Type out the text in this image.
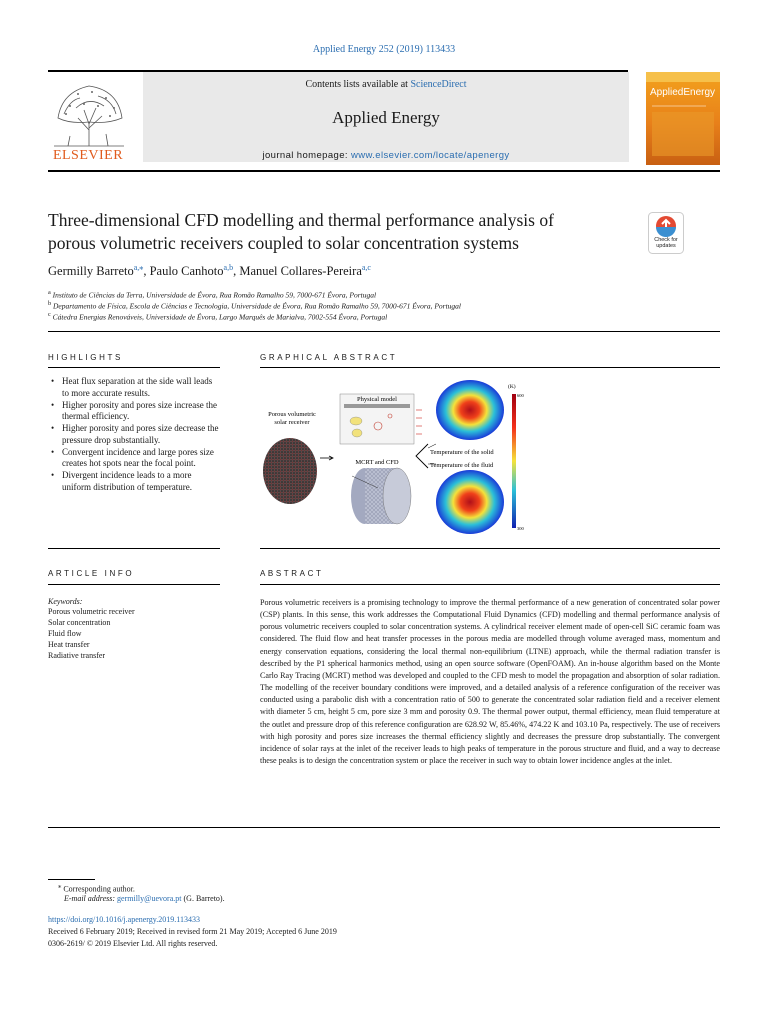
Applied Energy 252 (2019) 113433
ELSEVIER
Contents lists available at ScienceDirect
Applied Energy
journal homepage: www.elsevier.com/locate/apenergy
AppliedEnergy
Three-dimensional CFD modelling and thermal performance analysis of
porous volumetric receivers coupled to solar concentration systems	Check for updates
Germilly Barreto$^{a,⁎}$, Paulo Canhoto$^{a,b}$, Manuel Collares-Pereira$^{a,c}$
$^a$ Instituto de Ciências da Terra, Universidade de Évora, Rua Romão Ramalho 59, 7000-671 Évora, Portugal
$^b$ Departamento de Física, Escola de Ciências e Tecnologia, Universidade de Évora, Rua Romão Ramalho 59, 7000-671 Évora, Portugal
$^c$ Cátedra Energias Renováveis, Universidade de Évora, Largo Marquês de Marialva, 7002-554 Évora, Portugal
HIGHLIGHTS	GRAPHICAL ABSTRACT
• Heat flux separation at the side wall leads to more accurate results.
• Higher porosity and pores size increase the thermal efficiency.
• Higher porosity and pores size decrease the pressure drop substantially.
• Convergent incidence and large pores size creates hot spots near the focal point.
• Divergent incidence leads to a more uniform distribution of temperature.
Porous volumetric
solar receiver
Physical model
MCRT and CFD
Temperature of the solid
Temperature of the fluid
(K)
600
300
ARTICLE INFO	ABSTRACT
Keywords:
Porous volumetric receiver
Solar concentration
Fluid flow
Heat transfer
Radiative transfer
Porous volumetric receivers is a promising technology to improve the thermal performance of a new generation of concentrated solar power (CSP) plants. In this sense, this work addresses the Computational Fluid Dynamics (CFD) modelling and thermal performance analysis of porous volumetric receivers coupled to solar concentration systems. A cylindrical receiver element made of open-cell SiC ceramic foam was considered. The fluid flow and heat transfer processes in the porous media are modelled through volume averaged mass, momentum and energy conservation equations, considering the local thermal non-equilibrium (LTNE) approach, while the thermal radiation transfer is described by the P1 spherical harmonics method, using an open source software (OpenFOAM). An in-house algorithm based on the Monte Carlo Ray Tracing (MCRT) method was developed and coupled to the CFD mesh to model the propagation and absorption of solar radiation. The modelling of the receiver boundary conditions were improved, and a detailed analysis of a reference configuration of the receiver was conducted using a parabolic dish with a concentration ratio of 500 to generate the concentrated solar radiation field and a receiver element with diameter 5 cm, height 5 cm, pore size 3 mm and porosity 0.9. The thermal power output, thermal efficiency, mean fluid temperature at the outlet and pressure drop of this reference configuration are 628.92 W, 85.46%, 474.22 K and 103.10 Pa, respectively. The use of receivers with high porosity and pores size increases the thermal efficiency slightly and decreases the pressure drop substantially. The convergent incidence of solar rays at the inlet of the receiver leads to high peaks of temperature in the porous structure and fluid, and a way to decrease these peaks is to design the concentration system or place the receiver in such way to obtain lower incidence angles at the inlet.
⁎ Corresponding author.
E-mail address: germilly@uevora.pt (G. Barreto).
https://doi.org/10.1016/j.apenergy.2019.113433
Received 6 February 2019; Received in revised form 21 May 2019; Accepted 6 June 2019
0306-2619/ © 2019 Elsevier Ltd. All rights reserved.
